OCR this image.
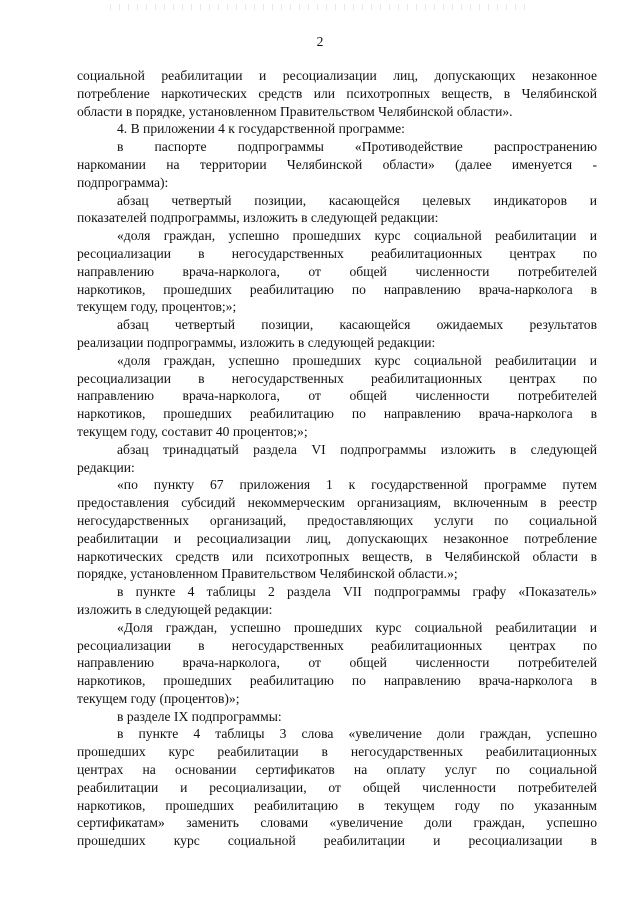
2
социальной реабилитации и ресоциализации лиц, допускающих незаконное
потребление наркотических средств или психотропных веществ, в Челябинской
области в порядке, установленном Правительством Челябинской области».
4. В приложении 4 к государственной программе:
в паспорте подпрограммы «Противодействие распространению
наркомании на территории Челябинской области» (далее именуется -
подпрограмма):
абзац четвертый позиции, касающейся целевых индикаторов и
показателей подпрограммы, изложить в следующей редакции:
«доля граждан, успешно прошедших курс социальной реабилитации и
ресоциализации в негосударственных реабилитационных центрах по
направлению врача-нарколога, от общей численности потребителей
наркотиков, прошедших реабилитацию по направлению врача-нарколога в
текущем году, процентов;»;
абзац четвертый позиции, касающейся ожидаемых результатов
реализации подпрограммы, изложить в следующей редакции:
«доля граждан, успешно прошедших курс социальной реабилитации и
ресоциализации в негосударственных реабилитационных центрах по
направлению врача-нарколога, от общей численности потребителей
наркотиков, прошедших реабилитацию по направлению врача-нарколога в
текущем году, составит 40 процентов;»;
абзац тринадцатый раздела VI подпрограммы изложить в следующей
редакции:
«по пункту 67 приложения 1 к государственной программе путем
предоставления субсидий некоммерческим организациям, включенным в реестр
негосударственных организаций, предоставляющих услуги по социальной
реабилитации и ресоциализации лиц, допускающих незаконное потребление
наркотических средств или психотропных веществ, в Челябинской области в
порядке, установленном Правительством Челябинской области.»;
в пункте 4 таблицы 2 раздела VII подпрограммы графу «Показатель»
изложить в следующей редакции:
«Доля граждан, успешно прошедших курс социальной реабилитации и
ресоциализации в негосударственных реабилитационных центрах по
направлению врача-нарколога, от общей численности потребителей
наркотиков, прошедших реабилитацию по направлению врача-нарколога в
текущем году (процентов)»;
в разделе IX подпрограммы:
в пункте 4 таблицы 3 слова «увеличение доли граждан, успешно
прошедших курс реабилитации в негосударственных реабилитационных
центрах на основании сертификатов на оплату услуг по социальной
реабилитации и ресоциализации, от общей численности потребителей
наркотиков, прошедших реабилитацию в текущем году по указанным
сертификатам» заменить словами «увеличение доли граждан, успешно
прошедших курс социальной реабилитации и ресоциализации в
